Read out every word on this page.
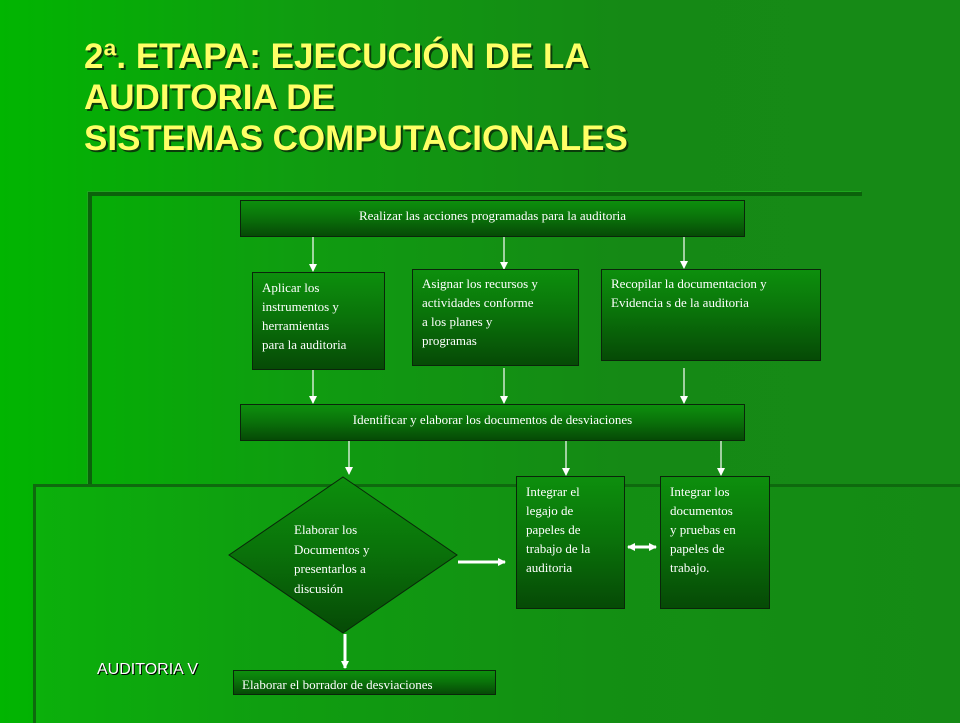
2ª. ETAPA: EJECUCIÓN DE LA
AUDITORIA DE
SISTEMAS COMPUTACIONALES
Realizar las acciones programadas para la auditoria
Aplicar los
instrumentos y
herramientas
para la auditoria
Asignar los recursos y
actividades conforme
a los planes y
programas
Recopilar la documentacion y
Evidencia s de la auditoria
Identificar y elaborar los documentos de desviaciones
Elaborar los
Documentos y
presentarlos a
discusión
Integrar el
legajo de
papeles de
trabajo de la
auditoria
Integrar los
documentos
y pruebas en
papeles de
trabajo.
Elaborar el borrador de desviaciones
AUDITORIA V
